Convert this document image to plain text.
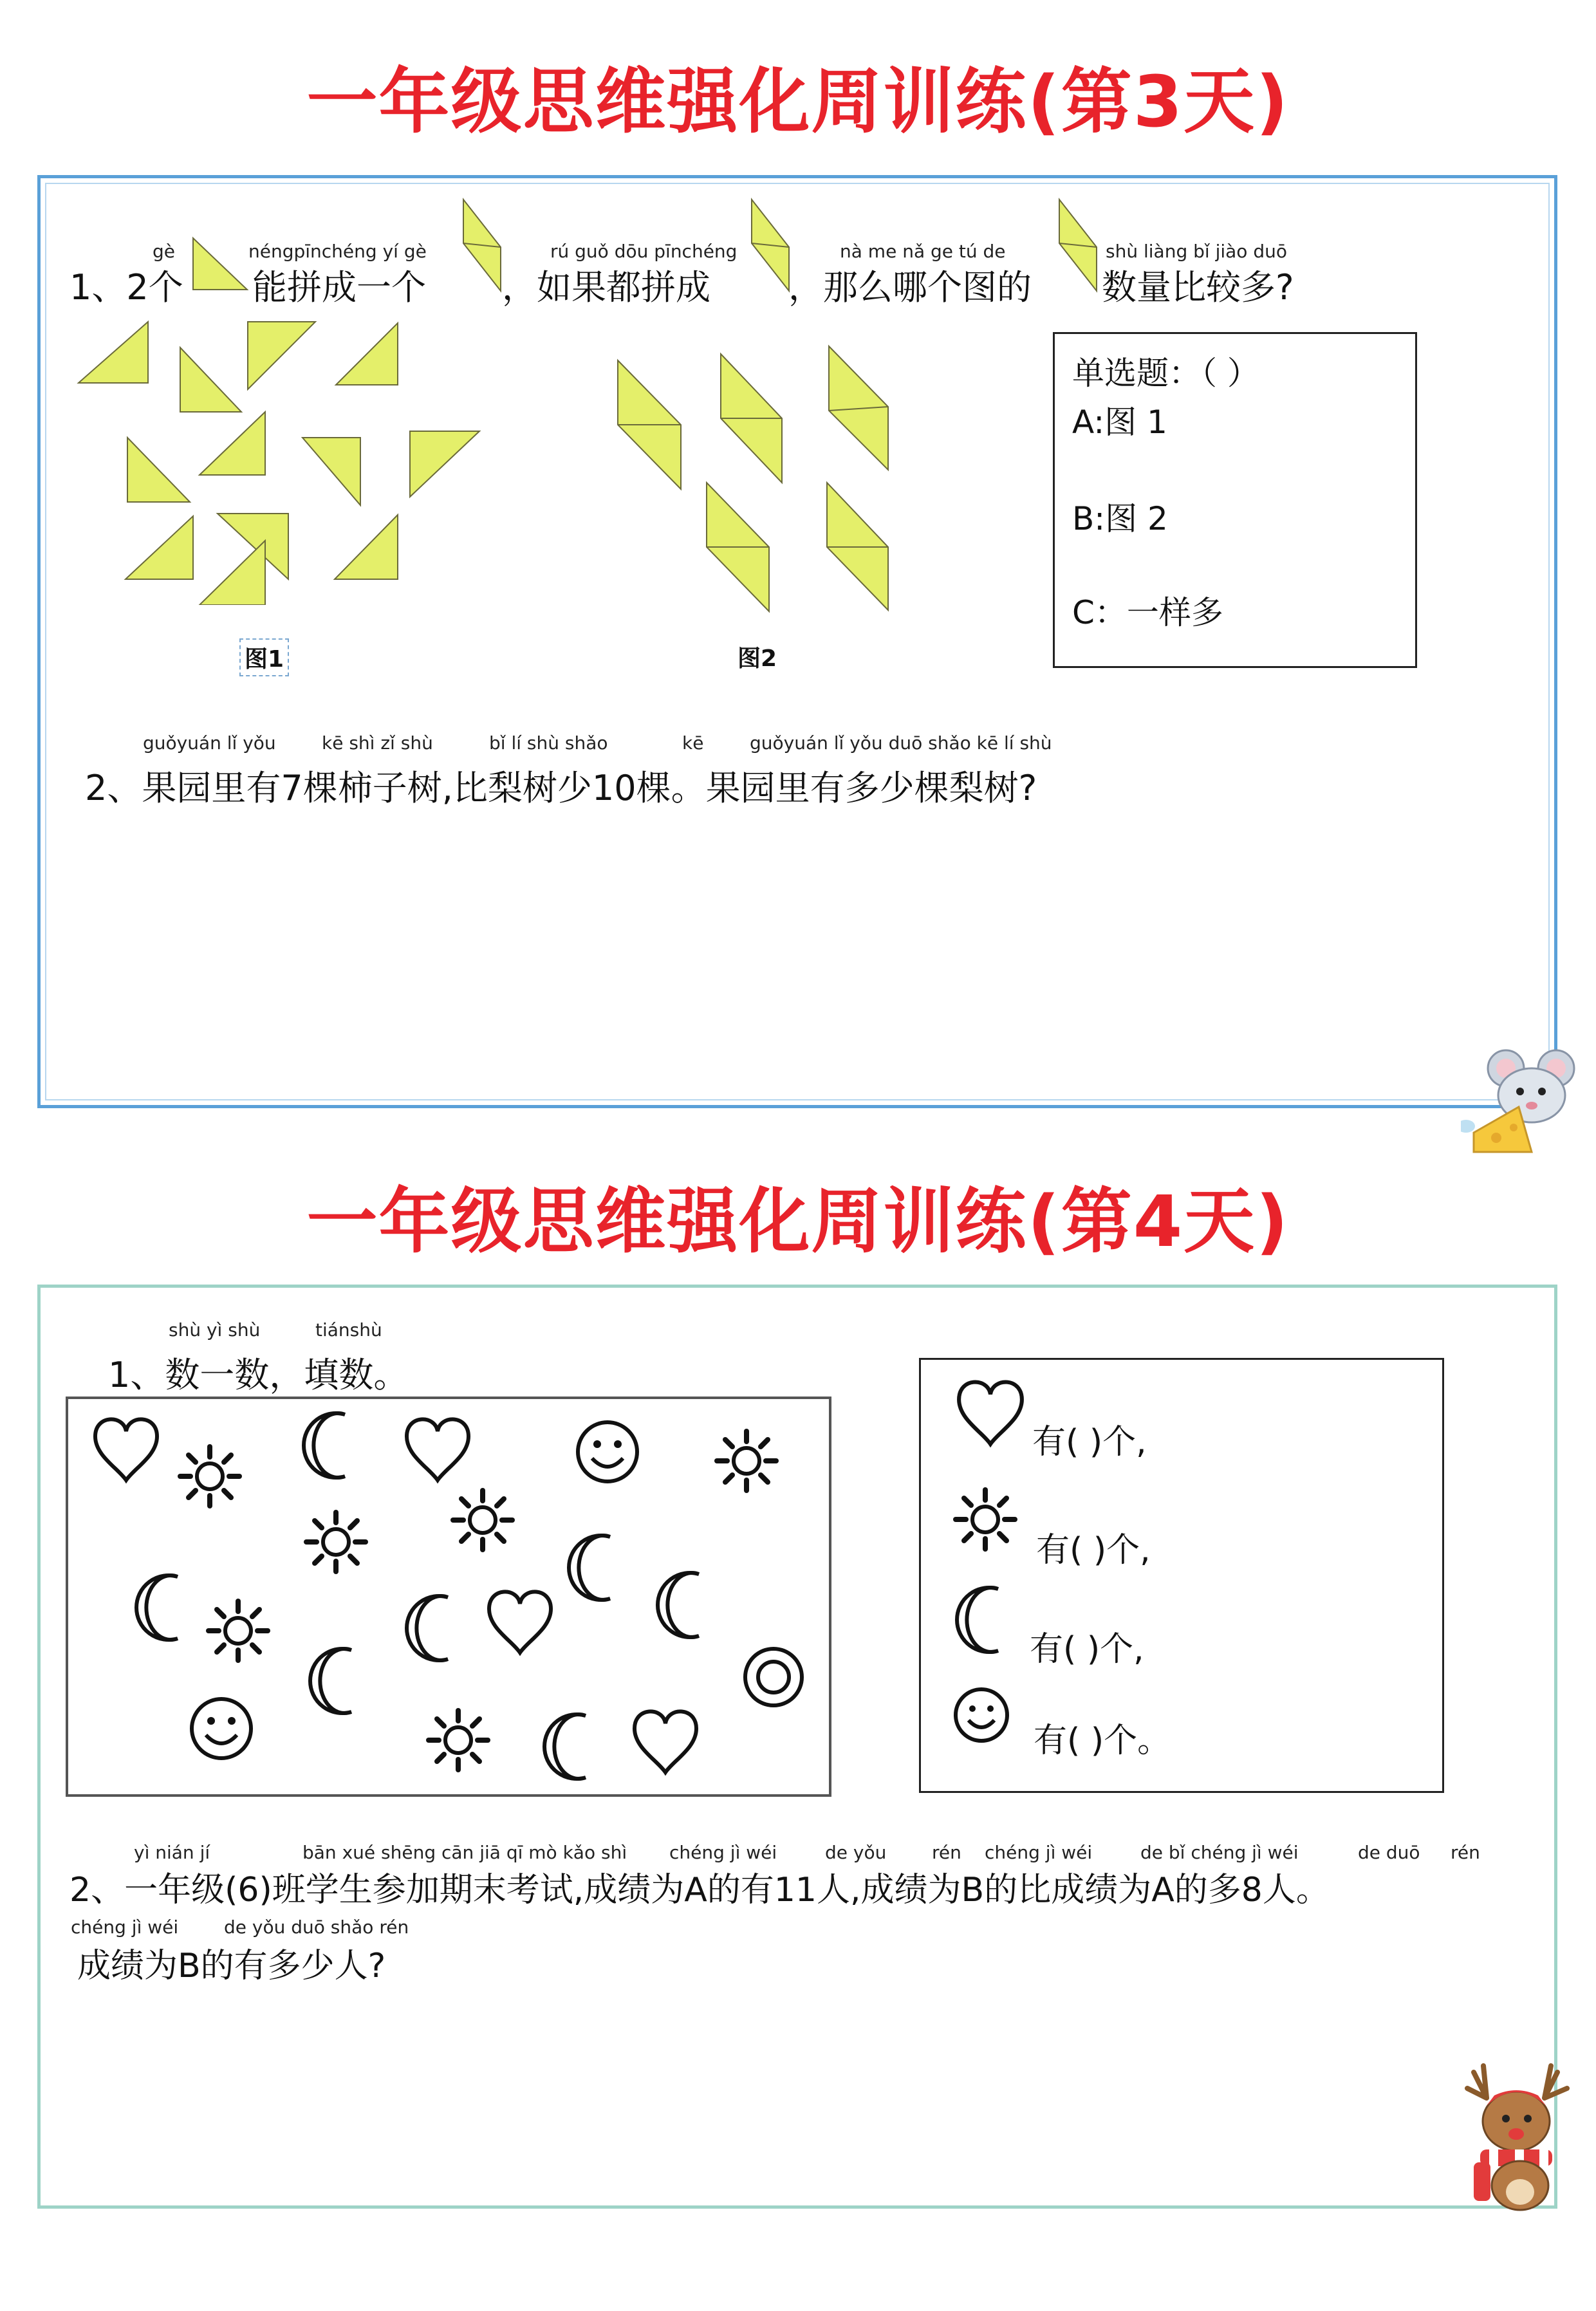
一年级思维强化周训练(第3天)
gè	néngpīnchéng yí gè	rú guǒ dōu pīnchéng	nà me nǎ ge tú de	shù liàng bǐ jiào duō
1、2个 能拼成一个 ，如果都拼成 ，那么哪个图的 数量比较多?
图1	图2
单选题：（ ）
A:图 1
B:图 2
C：一样多
guǒyuán lǐ yǒu	kē shì zǐ shù	bǐ lí shù shǎo	kē	guǒyuán lǐ yǒu duō shǎo kē lí shù
2、果园里有7棵柿子树,比梨树少10棵。果园里有多少棵梨树?
一年级思维强化周训练(第4天)
shù yì shù	tiánshù
1、数一数，填数。
有( )个,
有( )个,
有( )个,
有( )个。
yì nián jí	bān xué shēng cān jiā qī mò kǎo shì chéng jì wéi	de yǒu	rén chéng jì wéi	de bǐ chéng jì wéi	de duō rén
2、一年级(6)班学生参加期末考试,成绩为A的有11人,成绩为B的比成绩为A的多8人。
chéng jì wéi	de yǒu duō shǎo rén
成绩为B的有多少人?
